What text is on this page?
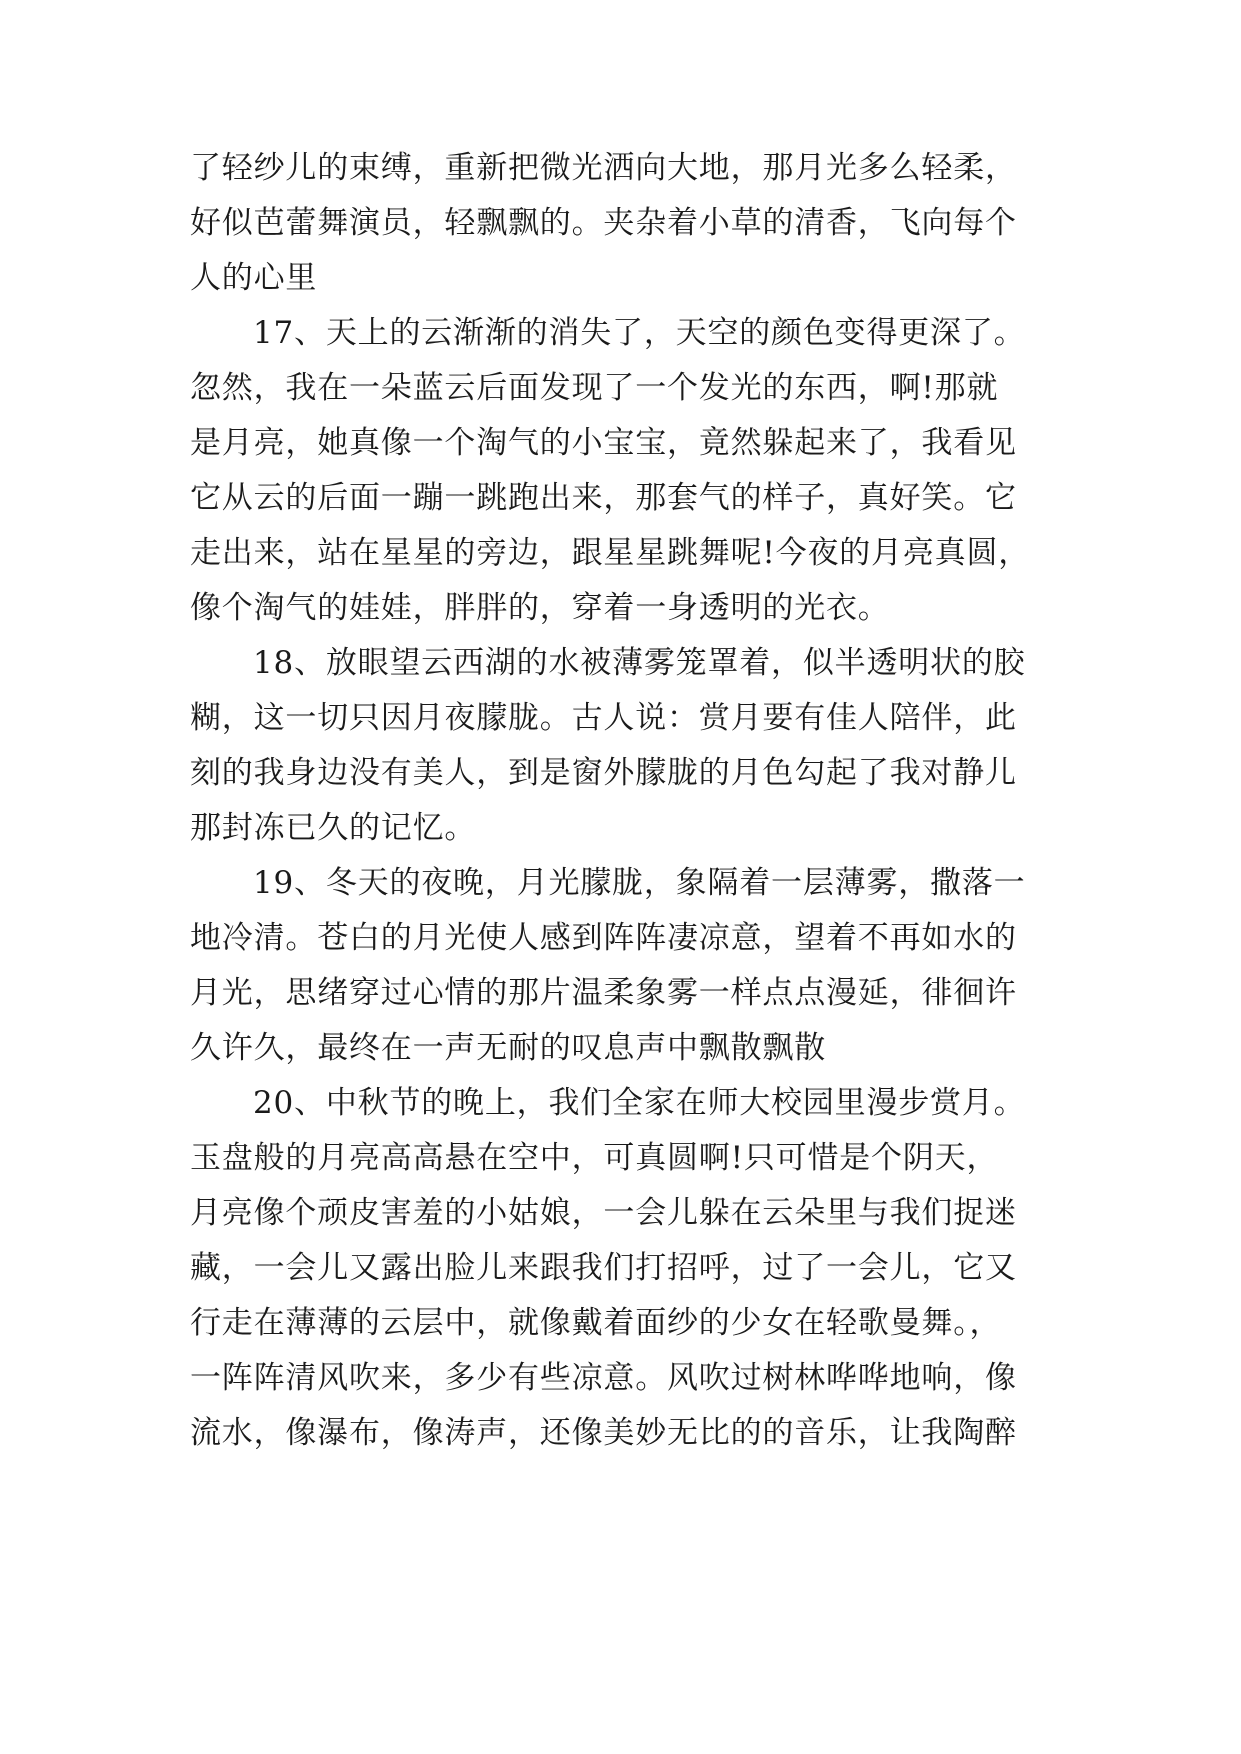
了轻纱儿的束缚，重新把微光洒向大地，那月光多么轻柔，
好似芭蕾舞演员，轻飘飘的。夹杂着小草的清香，飞向每个
人的心里
17、天上的云渐渐的消失了，天空的颜色变得更深了。
忽然，我在一朵蓝云后面发现了一个发光的东西，啊!那就
是月亮，她真像一个淘气的小宝宝，竟然躲起来了，我看见
它从云的后面一蹦一跳跑出来，那套气的样子，真好笑。它
走出来，站在星星的旁边，跟星星跳舞呢!今夜的月亮真圆，
像个淘气的娃娃，胖胖的，穿着一身透明的光衣。
18、放眼望云西湖的水被薄雾笼罩着，似半透明状的胶
糊，这一切只因月夜朦胧。古人说：赏月要有佳人陪伴，此
刻的我身边没有美人，到是窗外朦胧的月色勾起了我对静儿
那封冻已久的记忆。
19、冬天的夜晚，月光朦胧，象隔着一层薄雾，撒落一
地冷清。苍白的月光使人感到阵阵凄凉意，望着不再如水的
月光，思绪穿过心情的那片温柔象雾一样点点漫延，徘徊许
久许久，最终在一声无耐的叹息声中飘散飘散
20、中秋节的晚上，我们全家在师大校园里漫步赏月。
玉盘般的月亮高高悬在空中，可真圆啊!只可惜是个阴天，
月亮像个顽皮害羞的小姑娘，一会儿躲在云朵里与我们捉迷
藏，一会儿又露出脸儿来跟我们打招呼，过了一会儿，它又
行走在薄薄的云层中，就像戴着面纱的少女在轻歌曼舞。，
一阵阵清风吹来，多少有些凉意。风吹过树林哗哗地响，像
流水，像瀑布，像涛声，还像美妙无比的的音乐，让我陶醉
